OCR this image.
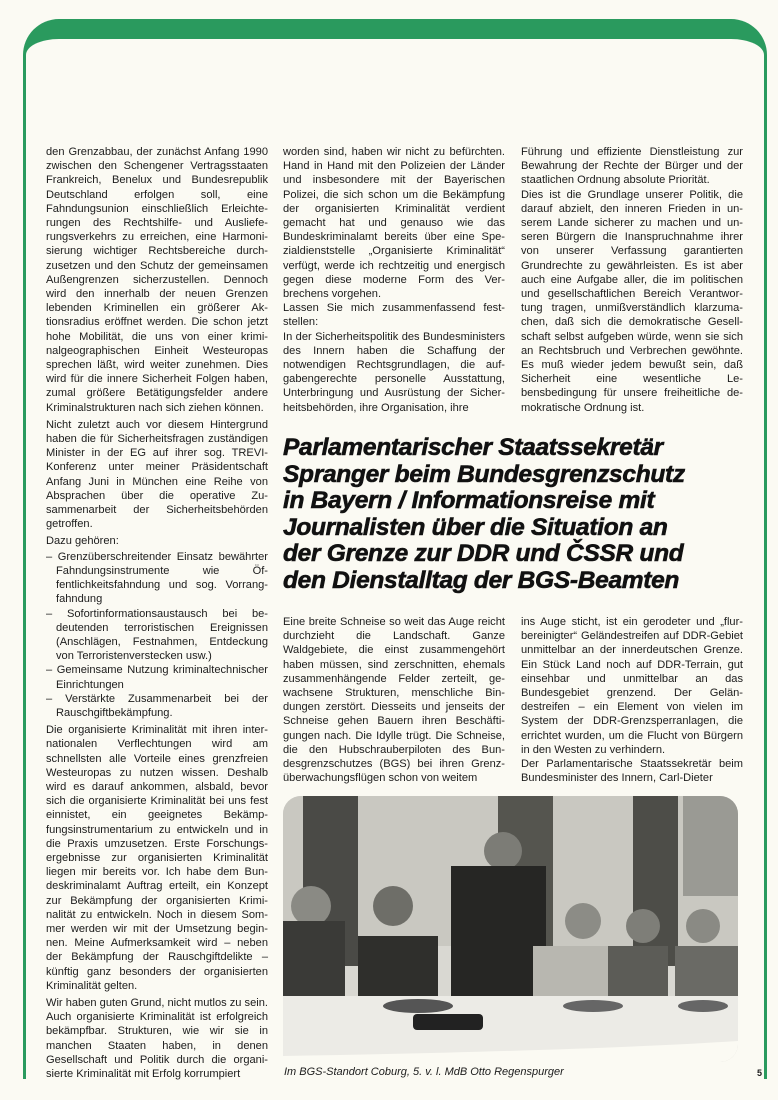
den Grenzabbau, der zunächst Anfang 1990 zwischen den Schengener Vertragsstaaten Frankreich, Benelux und Bundesrepublik Deutschland erfolgen soll, eine Fahndungsunion einschließlich Erleichterungen des Rechtshilfe- und Auslieferungsverkehrs zu erreichen, eine Harmonisierung wichtiger Rechtsbereiche durchzusetzen und den Schutz der gemeinsamen Außengrenzen sicherzustellen. Dennoch wird den innerhalb der neuen Grenzen lebenden Kriminellen ein größerer Aktionsradius eröffnet werden. Die schon jetzt hohe Mobilität, die uns von einer kriminalgeographischen Einheit Westeuropas sprechen läßt, wird weiter zunehmen. Dies wird für die innere Sicherheit Folgen haben, zumal größere Betätigungsfelder andere Kriminalstrukturen nach sich ziehen können.

Nicht zuletzt auch vor diesem Hintergrund haben die für Sicherheitsfragen zuständigen Minister in der EG auf ihrer sog. TREVI-Konferenz unter meiner Präsidentschaft Anfang Juni in München eine Reihe von Absprachen über die operative Zusammenarbeit der Sicherheitsbehörden getroffen.

Dazu gehören:

– Grenzüberschreitender Einsatz bewährter Fahndungsinstrumente wie Öffentlichkeitsfahndung und sog. Vorrangfahndung
– Sofortinformationsaustausch bei bedeutenden terroristischen Ereignissen (Anschlägen, Festnahmen, Entdeckung von Terroristenverstecken usw.)
– Gemeinsame Nutzung kriminaltechnischer Einrichtungen
– Verstärkte Zusammenarbeit bei der Rauschgiftbekämpfung.

Die organisierte Kriminalität mit ihren internationalen Verflechtungen wird am schnellsten alle Vorteile eines grenzfreien Westeuropas zu nutzen wissen. Deshalb wird es darauf ankommen, alsbald, bevor sich die organisierte Kriminalität bei uns fest einnistet, ein geeignetes Bekämpfungsinstrumentarium zu entwickeln und in die Praxis umzusetzen. Erste Forschungsergebnisse zur organisierten Kriminalität liegen mir bereits vor. Ich habe dem Bundeskriminalamt Auftrag erteilt, ein Konzept zur Bekämpfung der organisierten Kriminalität zu entwickeln. Noch in diesem Sommer werden wir mit der Umsetzung beginnen. Meine Aufmerksamkeit wird – neben der Bekämpfung der Rauschgiftdelikte – künftig ganz besonders der organisierten Kriminalität gelten.

Wir haben guten Grund, nicht mutlos zu sein. Auch organisierte Kriminalität ist erfolgreich bekämpfbar. Strukturen, wie wir sie in manchen Staaten haben, in denen Gesellschaft und Politik durch die organisierte Kriminalität mit Erfolg korrumpiert

worden sind, haben wir nicht zu befürchten. Hand in Hand mit den Polizeien der Länder und insbesondere mit der Bayerischen Polizei, die sich schon um die Bekämpfung der organisierten Kriminalität verdient gemacht hat und genauso wie das Bundeskriminalamt bereits über eine Spezialdienststelle „Organisierte Kriminalität“ verfügt, werde ich rechtzeitig und energisch gegen diese moderne Form des Verbrechens vorgehen.

Lassen Sie mich zusammenfassend feststellen:

In der Sicherheitspolitik des Bundesministers des Innern haben die Schaffung der notwendigen Rechtsgrundlagen, die aufgabengerechte personelle Ausstattung, Unterbringung und Ausrüstung der Sicherheitsbehörden, ihre Organisation, ihre

Führung und effiziente Dienstleistung zur Bewahrung der Rechte der Bürger und der staatlichen Ordnung absolute Priorität.

Dies ist die Grundlage unserer Politik, die darauf abzielt, den inneren Frieden in unserem Lande sicherer zu machen und unseren Bürgern die Inanspruchnahme ihrer von unserer Verfassung garantierten Grundrechte zu gewährleisten. Es ist aber auch eine Aufgabe aller, die im politischen und gesellschaftlichen Bereich Verantwortung tragen, unmißverständlich klarzumachen, daß sich die demokratische Gesellschaft selbst aufgeben würde, wenn sie sich an Rechtsbruch und Verbrechen gewöhnte. Es muß wieder jedem bewußt sein, daß Sicherheit eine wesentliche Lebensbedingung für unsere freiheitliche demokratische Ordnung ist.

Parlamentarischer Staatssekretär
Spranger beim Bundesgrenzschutz
in Bayern / Informationsreise mit
Journalisten über die Situation an
der Grenze zur DDR und ČSSR und
den Dienstalltag der BGS-Beamten

Eine breite Schneise so weit das Auge reicht durchzieht die Landschaft. Ganze Waldgebiete, die einst zusammengehört haben müssen, sind zerschnitten, ehemals zusammenhängende Felder zerteilt, gewachsene Strukturen, menschliche Bindungen zerstört. Diesseits und jenseits der Schneise gehen Bauern ihren Beschäftigungen nach. Die Idylle trügt. Die Schneise, die den Hubschrauberpiloten des Bundesgrenzschutzes (BGS) bei ihren Grenzüberwachungsflügen schon von weitem

ins Auge sticht, ist ein gerodeter und „flurbereinigter“ Geländestreifen auf DDR-Gebiet unmittelbar an der innerdeutschen Grenze. Ein Stück Land noch auf DDR-Terrain, gut einsehbar und unmittelbar an das Bundesgebiet grenzend. Der Geländestreifen – ein Element von vielen im System der DDR-Grenzsperranlagen, die errichtet wurden, um die Flucht von Bürgern in den Westen zu verhindern.

Der Parlamentarische Staatssekretär beim Bundesminister des Innern, Carl-Dieter

Im BGS-Standort Coburg, 5. v. l. MdB Otto Regenspurger	5
